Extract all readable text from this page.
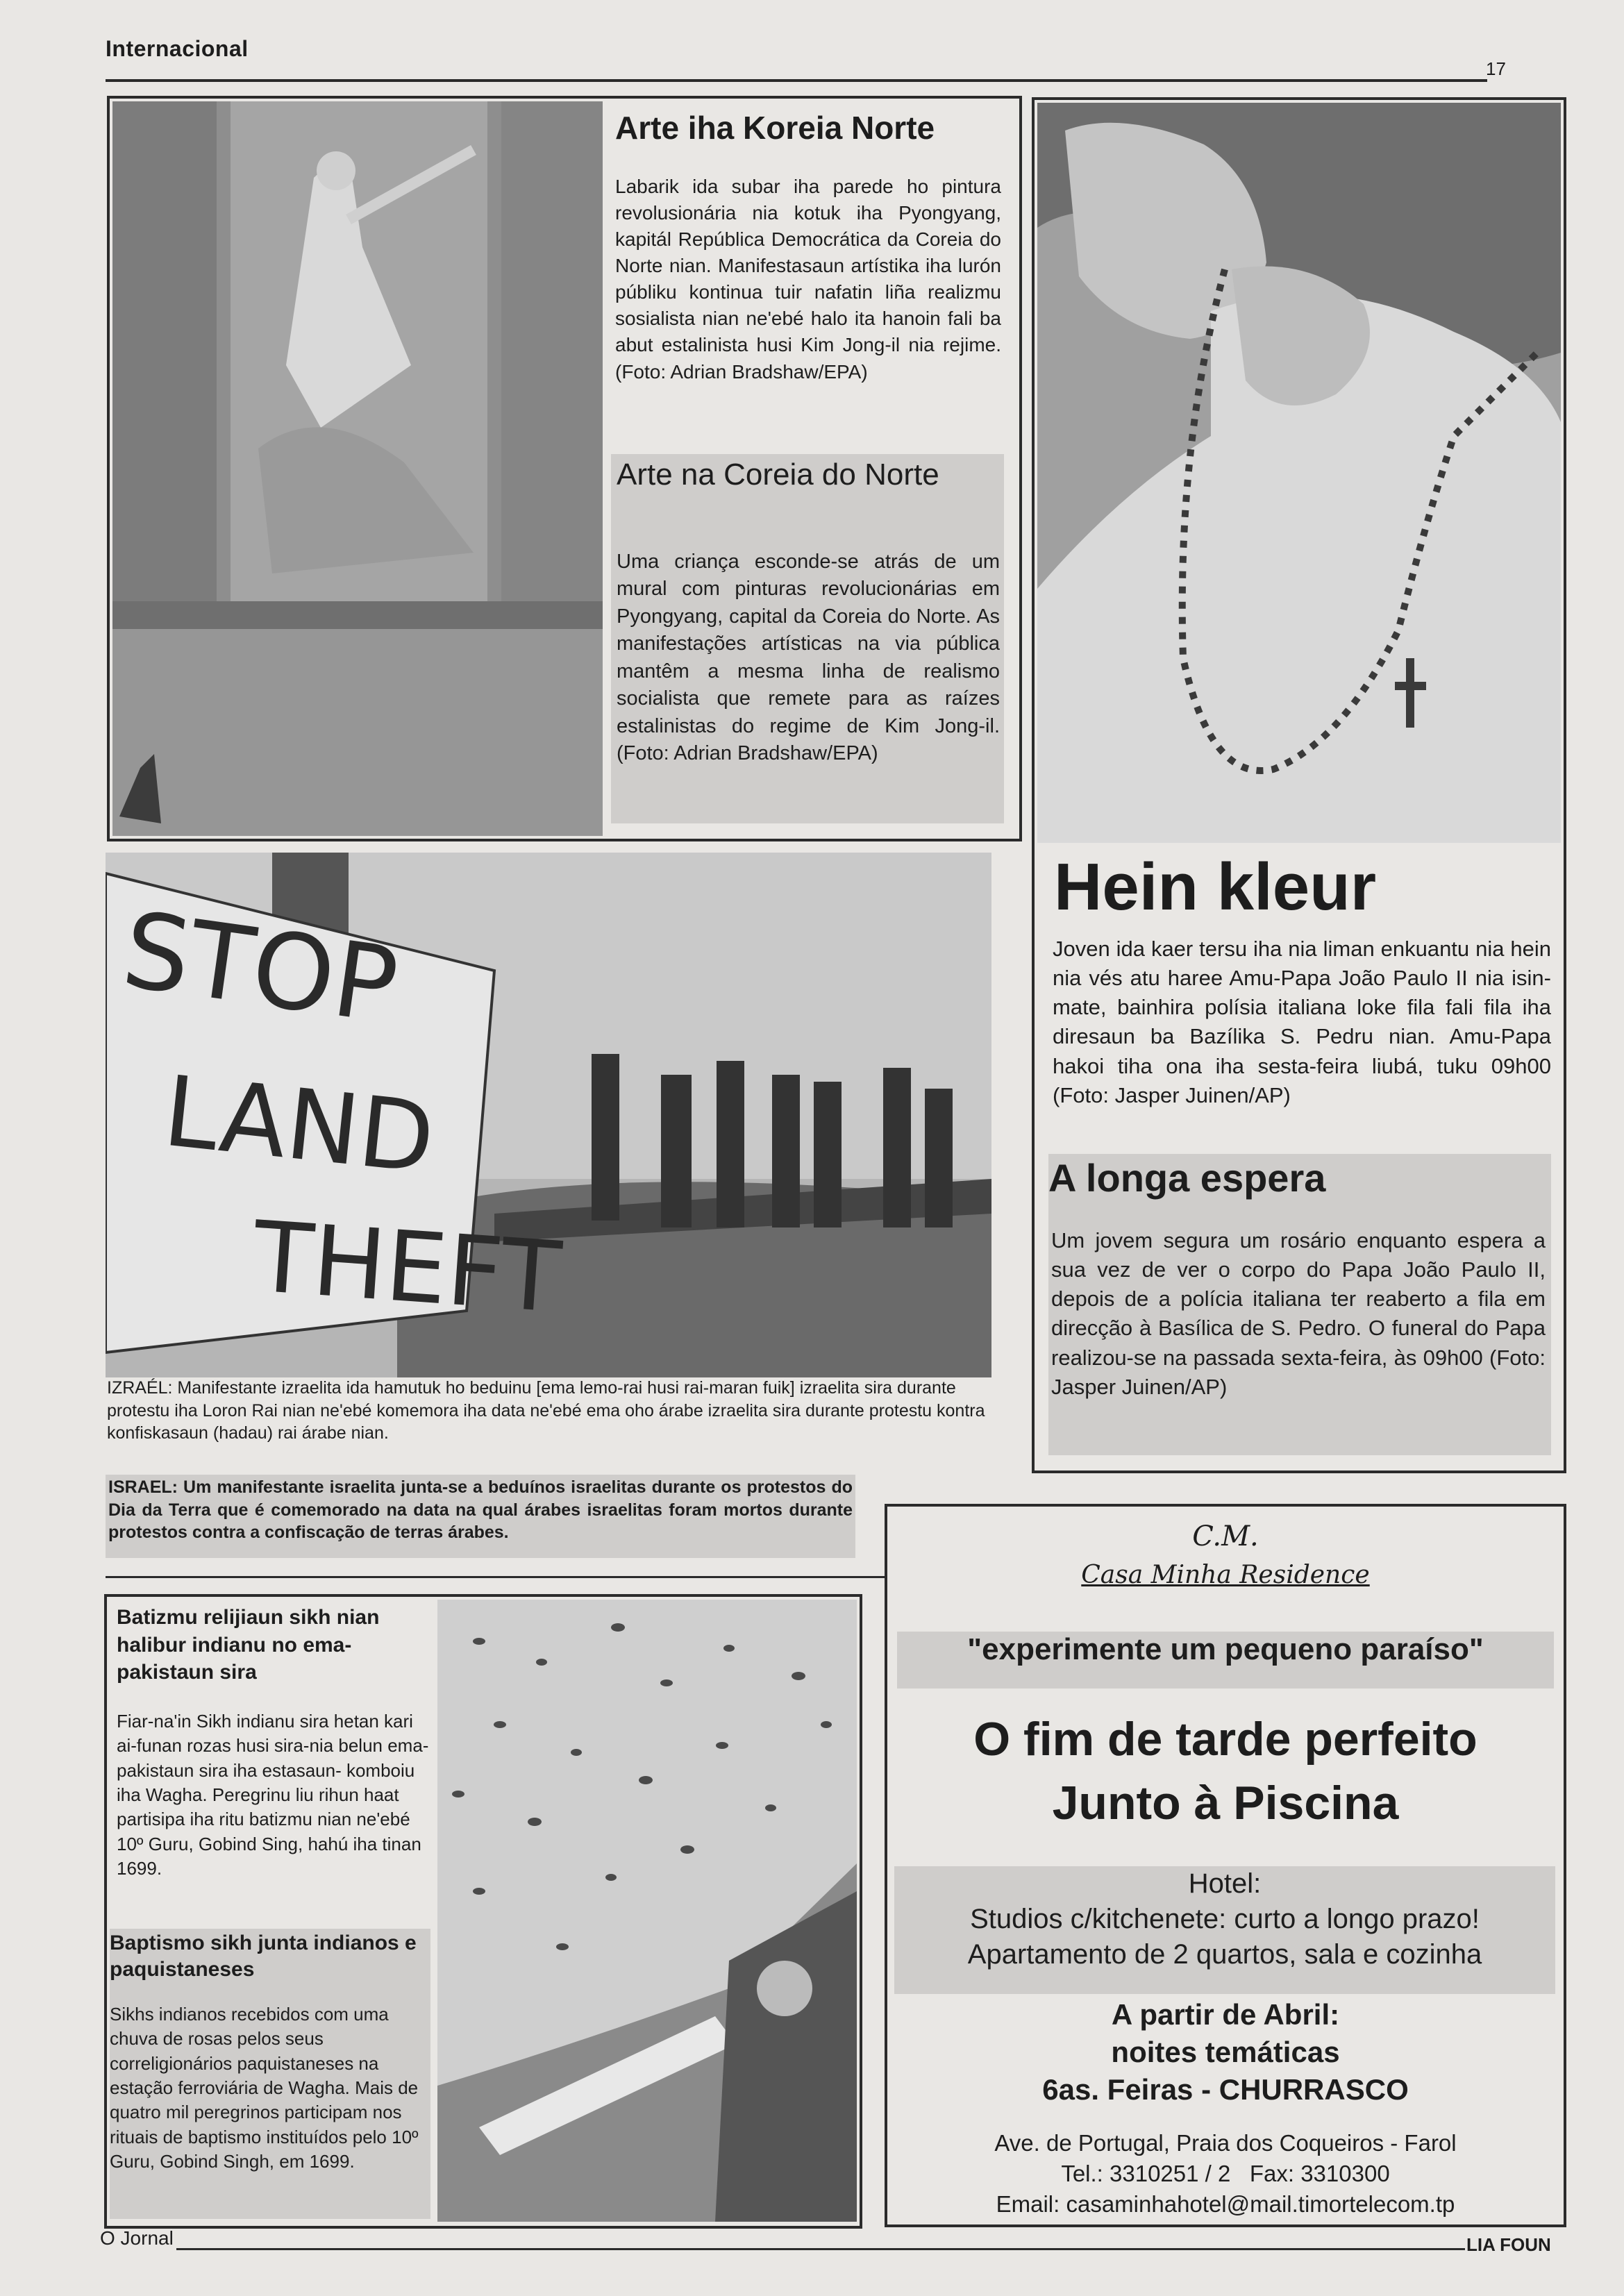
Internacional
17
Arte iha Koreia Norte
Labarik ida subar iha parede ho pintura revolusionária nia kotuk iha Pyongyang, kapitál República Democrática da Coreia do Norte nian. Manifestasaun artístika iha lurón públiku kontinua tuir nafatin liña realizmu sosialista nian ne'ebé halo ita hanoin fali ba abut estalinista husi Kim Jong-il nia rejime. (Foto: Adrian Bradshaw/EPA)
Arte na Coreia do Norte
Uma criança esconde-se atrás de um mural com pinturas revolucionárias em Pyongyang, capital da Coreia do Norte. As manifestações artísticas na via pública mantêm a mesma linha de realismo socialista que remete para as raízes estalinistas do regime de Kim Jong-il. (Foto: Adrian Bradshaw/EPA)
Hein kleur
Joven ida kaer tersu iha nia liman enkuantu nia hein nia vés atu haree Amu-Papa João Paulo II nia isin-mate, bainhira polísia italiana loke fila fali fila iha diresaun ba Bazílika S. Pedru nian. Amu-Papa hakoi tiha ona iha sesta-feira liubá, tuku 09h00 (Foto: Jasper Juinen/AP)
A longa espera
Um jovem segura um rosário enquanto espera a sua vez de ver o corpo do Papa João Paulo II, depois de a polícia italiana ter reaberto a fila em direcção à Basílica de S. Pedro. O funeral do Papa realizou-se na passada sexta-feira, às 09h00 (Foto: Jasper Juinen/AP)
STOP
LAND
THEFT
IZRAÉL: Manifestante izraelita ida hamutuk ho beduinu [ema lemo-rai husi rai-maran fuik] izraelita sira durante protestu iha Loron Rai nian ne'ebé komemora iha data ne'ebé ema oho árabe izraelita sira durante protestu kontra konfiskasaun (hadau) rai árabe nian.
ISRAEL: Um manifestante israelita junta-se a beduínos israelitas durante os protestos do Dia da Terra que é comemorado na data na qual árabes israelitas foram mortos durante protestos contra a confiscação de terras árabes.
Batizmu relijiaun sikh nian halibur indianu no ema-pakistaun sira
Fiar-na'in Sikh indianu sira hetan kari ai-funan rozas husi sira-nia belun ema-pakistaun sira iha estasaun- komboiu iha Wagha. Peregrinu liu rihun haat partisipa iha ritu batizmu nian ne'ebé 10º Guru, Gobind Sing, hahú iha tinan 1699.
Baptismo sikh junta indianos e paquistaneses
Sikhs indianos recebidos com uma chuva de rosas pelos seus correligionários paquistaneses na estação ferroviária de Wagha. Mais de quatro mil peregrinos participam nos rituais de baptismo instituídos pelo 10º Guru, Gobind Singh, em 1699.
C.M.
Casa Minha Residence
"experimente um pequeno paraíso"
O fim de tarde perfeito
Junto à Piscina
Hotel:
Studios c/kitchenete: curto a longo prazo!
Apartamento de 2 quartos, sala e cozinha
A partir de Abril:
noites temáticas
6as. Feiras - CHURRASCO
Ave. de Portugal, Praia dos Coqueiros - Farol
Tel.: 3310251 / 2   Fax: 3310300
Email: casaminhahotel@mail.timortelecom.tp
O Jornal	LIA FOUN
